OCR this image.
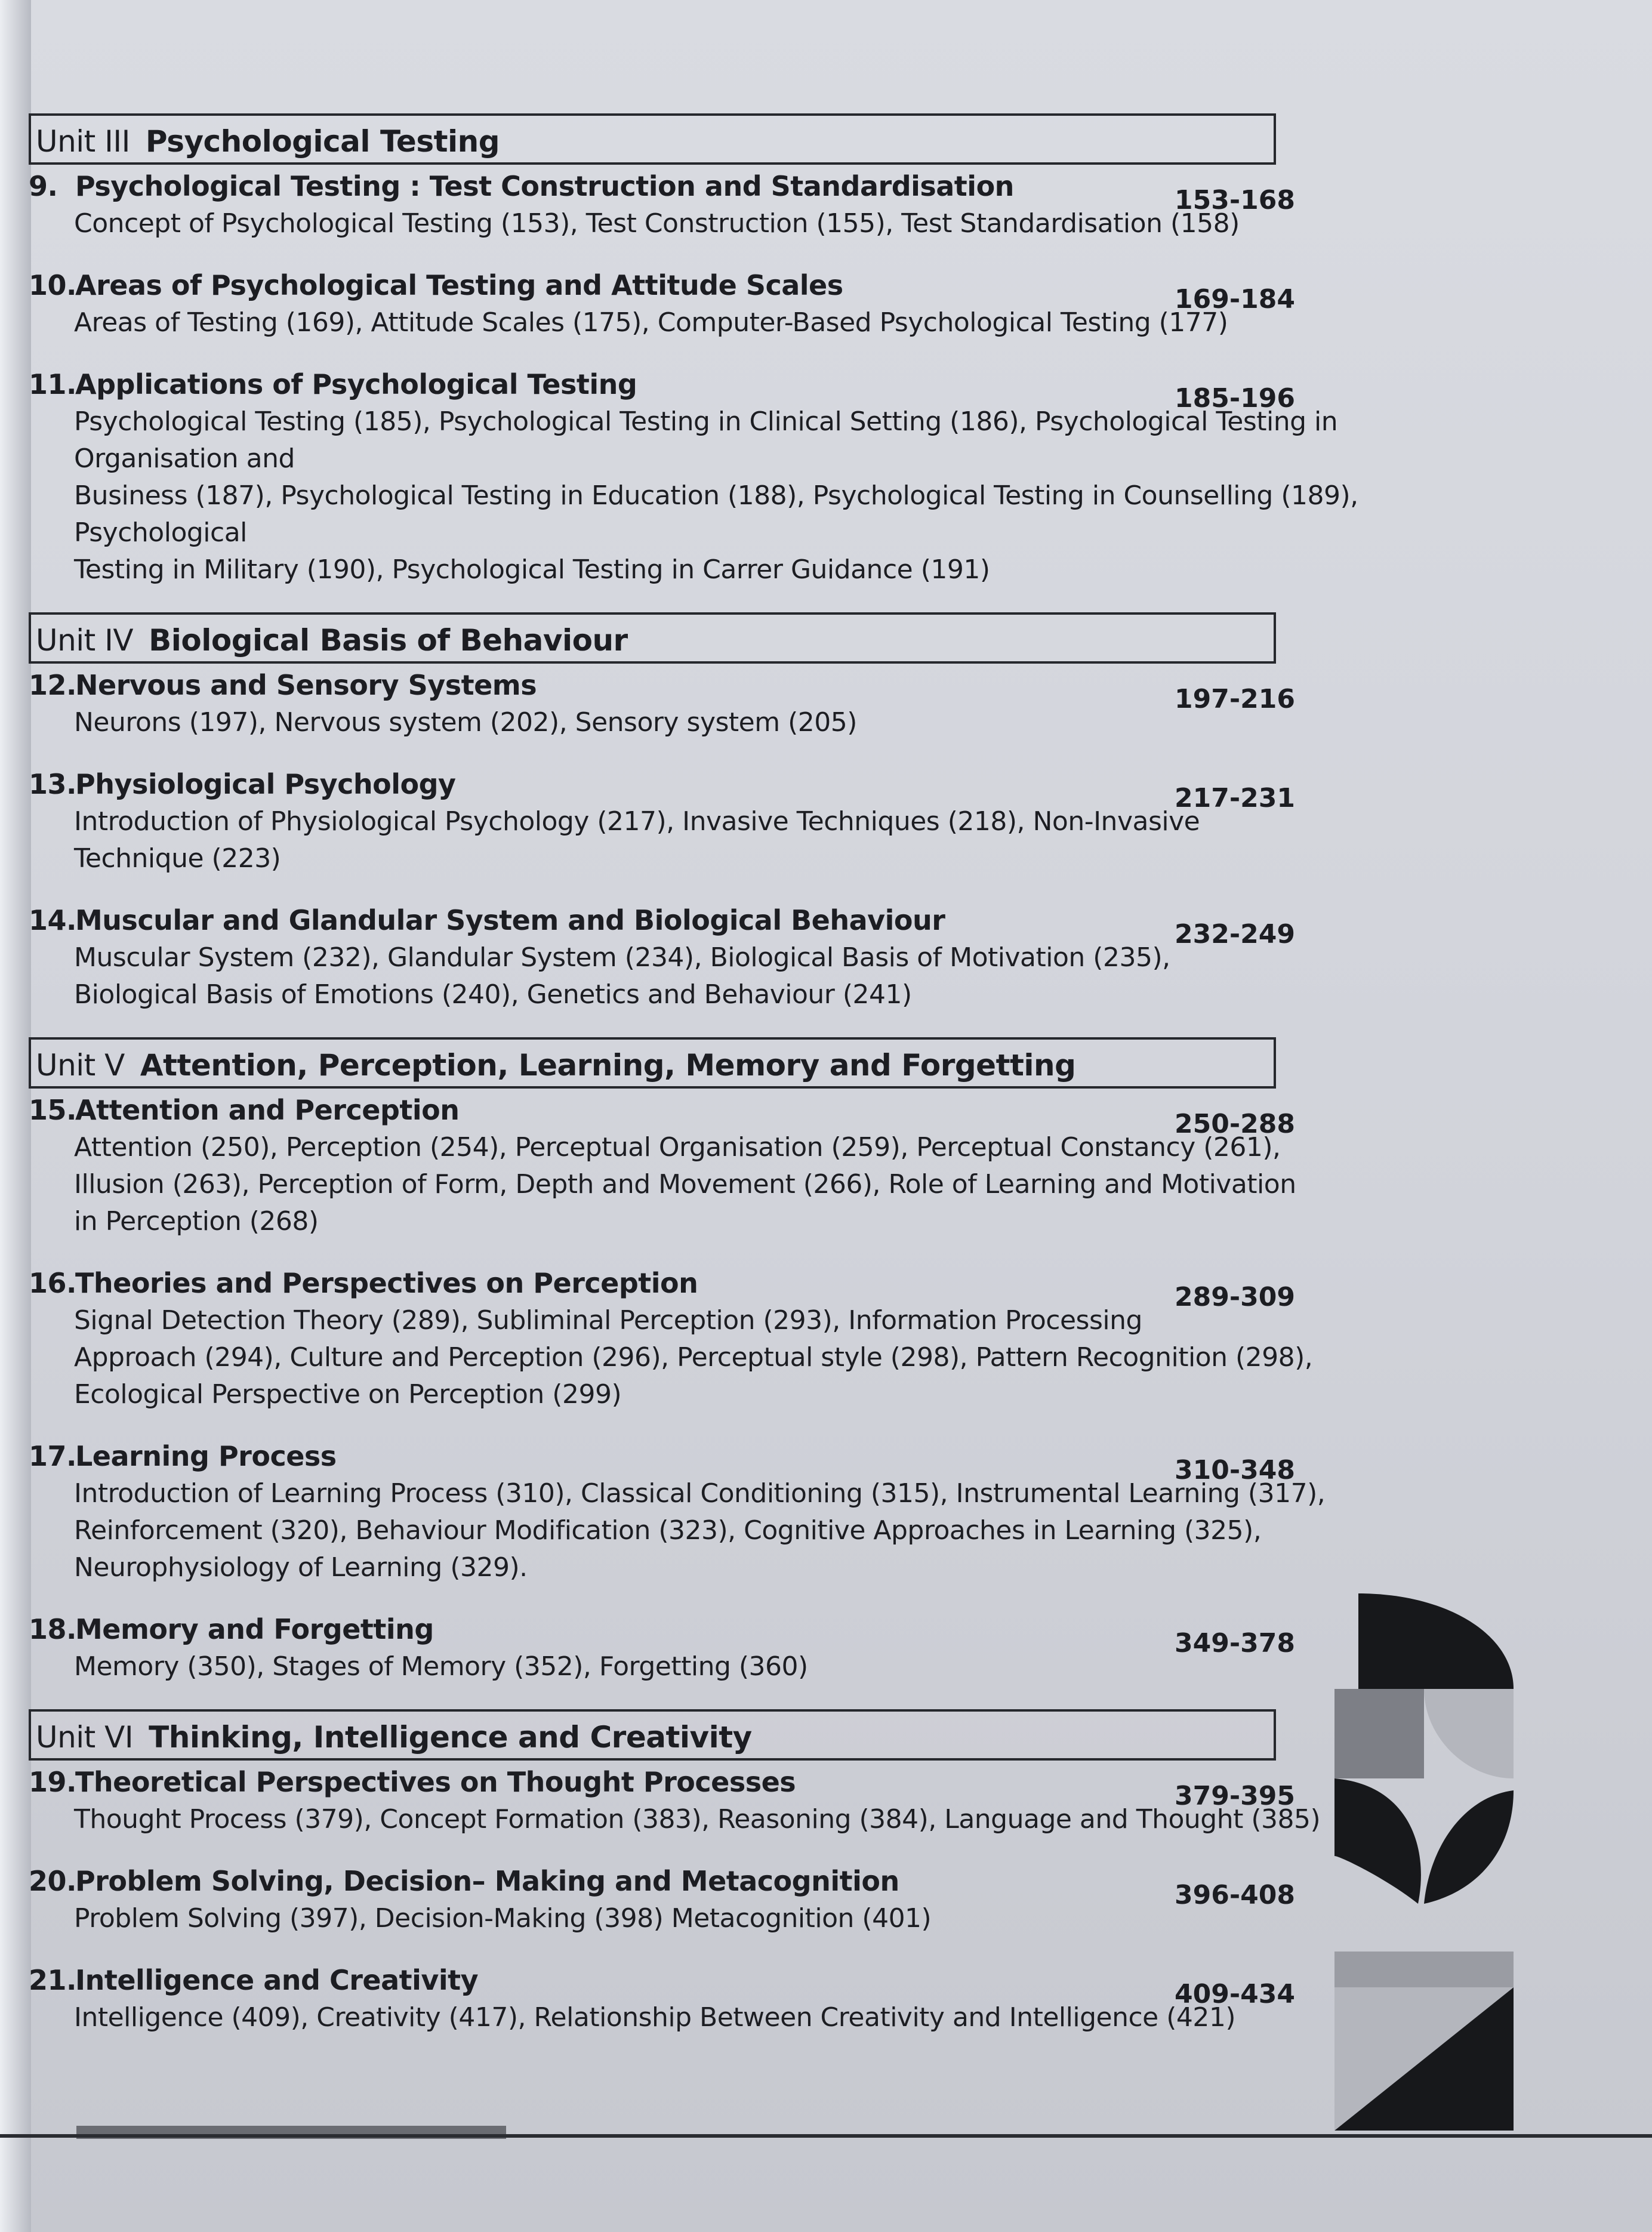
Unit III Psychological Testing
9. Psychological Testing : Test Construction and Standardisation	153-168
Concept of Psychological Testing (153), Test Construction (155), Test Standardisation (158)
10.Areas of Psychological Testing and Attitude Scales	169-184
Areas of Testing (169), Attitude Scales (175), Computer-Based Psychological Testing (177)
11.Applications of Psychological Testing	185-196
Psychological Testing (185), Psychological Testing in Clinical Setting (186), Psychological Testing in
Organisation and
Business (187), Psychological Testing in Education (188), Psychological Testing in Counselling (189),
Psychological
Testing in Military (190), Psychological Testing in Carrer Guidance (191)
Unit IV Biological Basis of Behaviour
12.Nervous and Sensory Systems	197-216
Neurons (197), Nervous system (202), Sensory system (205)
13.Physiological Psychology	217-231
Introduction of Physiological Psychology (217), Invasive Techniques (218), Non-Invasive
Technique (223)
14.Muscular and Glandular System and Biological Behaviour	232-249
Muscular System (232), Glandular System (234), Biological Basis of Motivation (235),
Biological Basis of Emotions (240), Genetics and Behaviour (241)
Unit V Attention, Perception, Learning, Memory and Forgetting
15.Attention and Perception	250-288
Attention (250), Perception (254), Perceptual Organisation (259), Perceptual Constancy (261),
Illusion (263), Perception of Form, Depth and Movement (266), Role of Learning and Motivation
in Perception (268)
16.Theories and Perspectives on Perception	289-309
Signal Detection Theory (289), Subliminal Perception (293), Information Processing
Approach (294), Culture and Perception (296), Perceptual style (298), Pattern Recognition (298),
Ecological Perspective on Perception (299)
17.Learning Process	310-348
Introduction of Learning Process (310), Classical Conditioning (315), Instrumental Learning (317),
Reinforcement (320), Behaviour Modification (323), Cognitive Approaches in Learning (325),
Neurophysiology of Learning (329).
18.Memory and Forgetting	349-378
Memory (350), Stages of Memory (352), Forgetting (360)
Unit VI Thinking, Intelligence and Creativity
19.Theoretical Perspectives on Thought Processes	379-395
Thought Process (379), Concept Formation (383), Reasoning (384), Language and Thought (385)
20.Problem Solving, Decision– Making and Metacognition	396-408
Problem Solving (397), Decision-Making (398) Metacognition (401)
21.Intelligence and Creativity	409-434
Intelligence (409), Creativity (417), Relationship Between Creativity and Intelligence (421)
